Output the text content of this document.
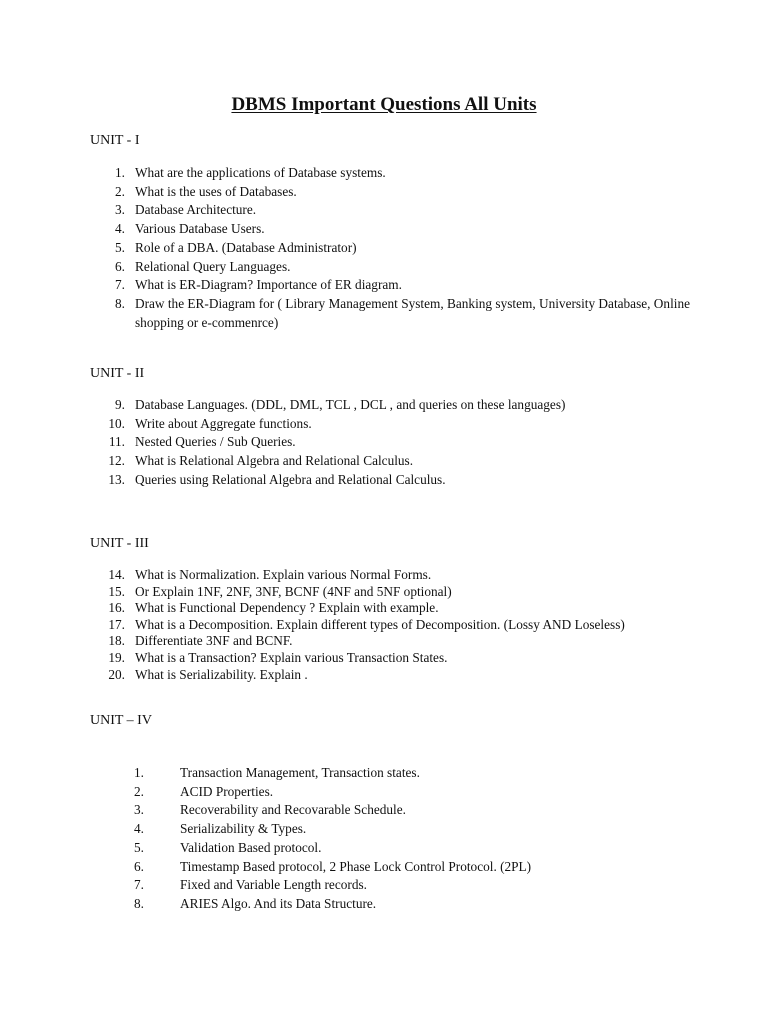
DBMS Important Questions All Units
UNIT - I
1. What are the applications of Database systems.
2. What is the uses of Databases.
3. Database Architecture.
4. Various Database Users.
5. Role of a DBA. (Database Administrator)
6. Relational Query Languages.
7. What is ER-Diagram? Importance of ER diagram.
8. Draw the ER-Diagram for ( Library Management System, Banking system, University Database, Online shopping or e-commenrce)
UNIT - II
9. Database Languages. (DDL, DML, TCL , DCL , and queries on these languages)
10. Write about Aggregate functions.
11. Nested Queries / Sub Queries.
12. What is Relational Algebra and Relational Calculus.
13. Queries using Relational Algebra and Relational Calculus.
UNIT - III
14. What is Normalization. Explain various Normal Forms.
15. Or Explain 1NF, 2NF, 3NF, BCNF (4NF and 5NF optional)
16. What is Functional Dependency ? Explain with example.
17. What is a Decomposition. Explain different types of Decomposition. (Lossy AND Loseless)
18. Differentiate 3NF and BCNF.
19. What is a Transaction? Explain various Transaction States.
20. What is Serializability. Explain .
UNIT – IV
1.	Transaction Management, Transaction states.
2.	ACID Properties.
3.	Recoverability and Recovarable Schedule.
4.	Serializability & Types.
5.	Validation Based protocol.
6.	Timestamp Based protocol, 2 Phase Lock Control Protocol. (2PL)
7.	Fixed and Variable Length records.
8.	ARIES Algo. And its Data Structure.
